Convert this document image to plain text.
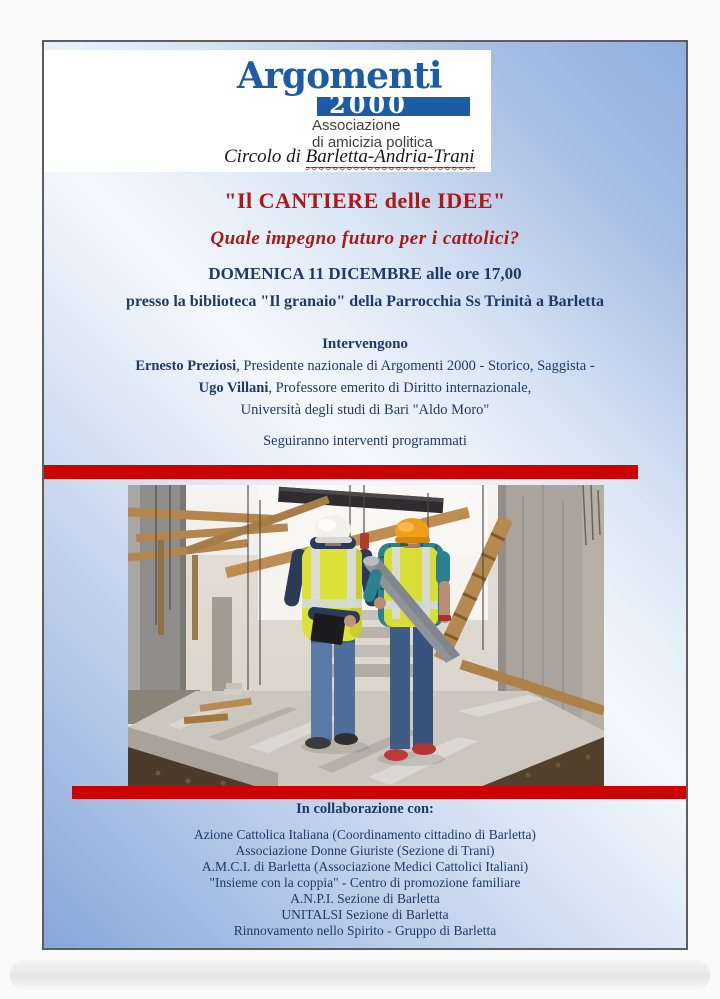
Argomenti
2000
Associazione
di amicizia politica
Circolo di Barletta-Andria-Trani
"Il CANTIERE delle IDEE"
Quale impegno futuro per i cattolici?
DOMENICA 11 DICEMBRE alle ore 17,00
presso la biblioteca "Il granaio" della Parrocchia Ss Trinità a Barletta
Intervengono
Ernesto Preziosi, Presidente nazionale di Argomenti 2000 - Storico, Saggista -
Ugo Villani, Professore emerito di Diritto internazionale,
Università degli studi di Bari "Aldo Moro"
Seguiranno interventi programmati
In collaborazione con:
Azione Cattolica Italiana (Coordinamento cittadino di Barletta)
Associazione Donne Giuriste (Sezione di Trani)
A.M.C.I. di Barletta (Associazione Medici Cattolici Italiani)
"Insieme con la coppia" - Centro di promozione familiare
A.N.P.I. Sezione di Barletta
UNITALSI Sezione di Barletta
Rinnovamento nello Spirito - Gruppo di Barletta
